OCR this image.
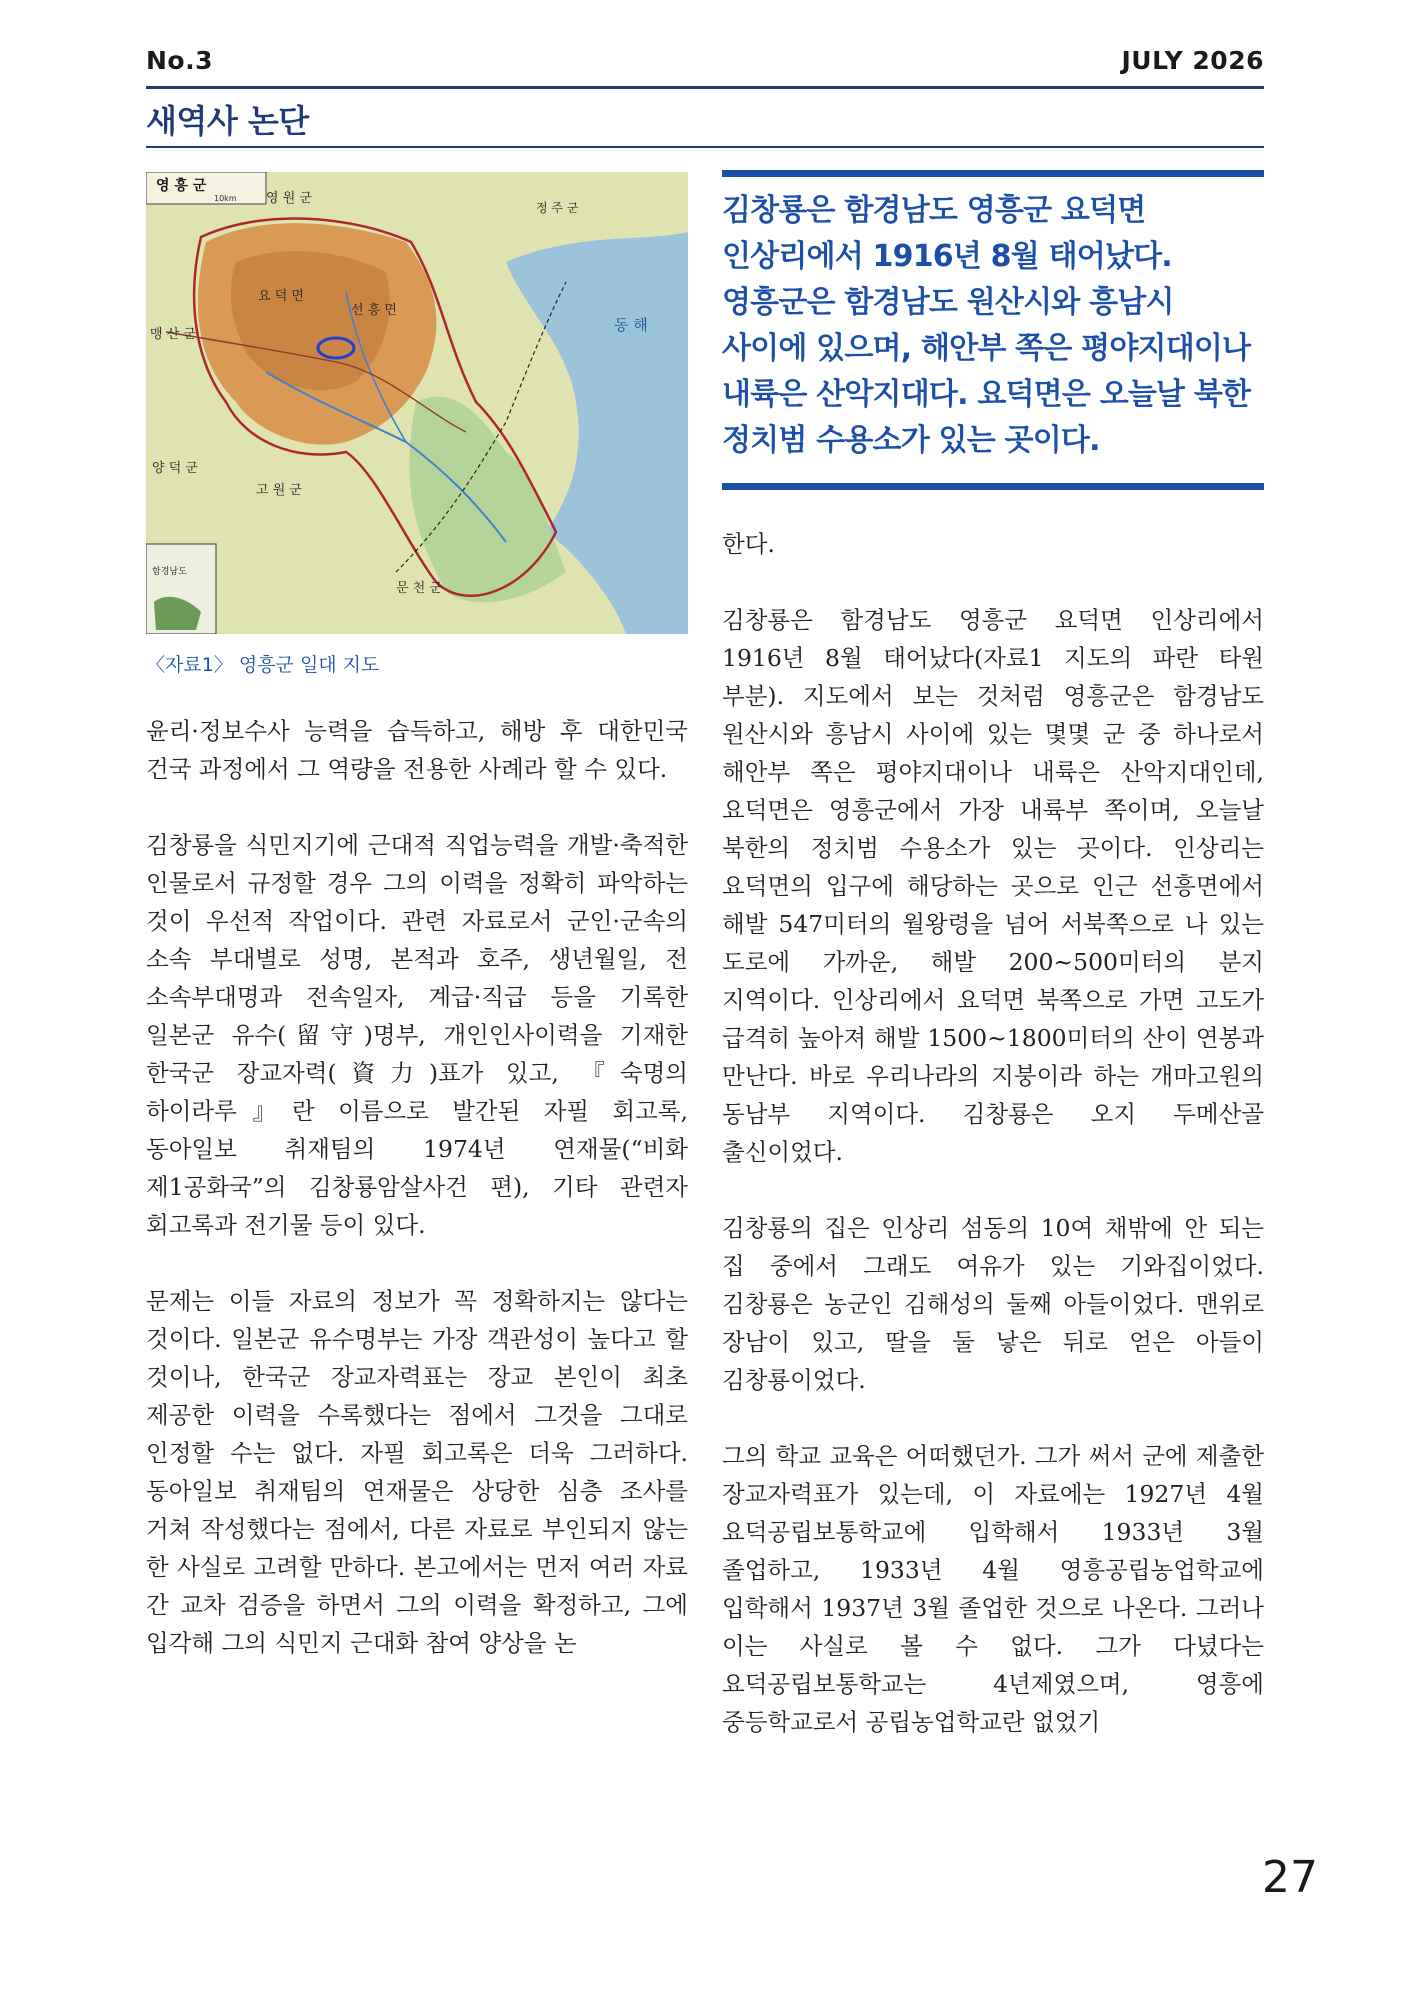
No.3	JULY 2026
새역사 논단
영 흥 군
10km 영 원 군
정 주 군
요 덕 면
선 흥 면
맹 산 군
동 해
양 덕 군
고 원 군
문 천 군
함경남도
〈자료1〉 영흥군 일대 지도

윤리·정보수사 능력을 습득하고, 해방 후 대한민국 건국 과정에서 그 역량을 전용한 사례라 할 수 있다.

김창룡을 식민지기에 근대적 직업능력을 개발·축적한 인물로서 규정할 경우 그의 이력을 정확히 파악하는 것이 우선적 작업이다. 관련 자료로서 군인·군속의 소속 부대별로 성명, 본적과 호주, 생년월일, 전 소속부대명과 전속일자, 계급·직급 등을 기록한 일본군 유수(留守)명부, 개인인사이력을 기재한 한국군 장교자력(資力)표가 있고, 『숙명의 하이라루』란 이름으로 발간된 자필 회고록, 동아일보 취재팀의 1974년 연재물(“비화 제1공화국”의 김창룡암살사건 편), 기타 관련자 회고록과 전기물 등이 있다.

문제는 이들 자료의 정보가 꼭 정확하지는 않다는 것이다. 일본군 유수명부는 가장 객관성이 높다고 할 것이나, 한국군 장교자력표는 장교 본인이 최초 제공한 이력을 수록했다는 점에서 그것을 그대로 인정할 수는 없다. 자필 회고록은 더욱 그러하다. 동아일보 취재팀의 연재물은 상당한 심층 조사를 거쳐 작성했다는 점에서, 다른 자료로 부인되지 않는 한 사실로 고려할 만하다. 본고에서는 먼저 여러 자료 간 교차 검증을 하면서 그의 이력을 확정하고, 그에 입각해 그의 식민지 근대화 참여 양상을 논

김창룡은 함경남도 영흥군 요덕면 인상리에서 1916년 8월 태어났다. 영흥군은 함경남도 원산시와 흥남시 사이에 있으며, 해안부 쪽은 평야지대이나 내륙은 산악지대다. 요덕면은 오늘날 북한 정치범 수용소가 있는 곳이다.

한다.

김창룡은 함경남도 영흥군 요덕면 인상리에서 1916년 8월 태어났다(자료1 지도의 파란 타원 부분). 지도에서 보는 것처럼 영흥군은 함경남도 원산시와 흥남시 사이에 있는 몇몇 군 중 하나로서 해안부 쪽은 평야지대이나 내륙은 산악지대인데, 요덕면은 영흥군에서 가장 내륙부 쪽이며, 오늘날 북한의 정치범 수용소가 있는 곳이다. 인상리는 요덕면의 입구에 해당하는 곳으로 인근 선흥면에서 해발 547미터의 월왕령을 넘어 서북쪽으로 나 있는 도로에 가까운, 해발 200~500미터의 분지 지역이다. 인상리에서 요덕면 북쪽으로 가면 고도가 급격히 높아져 해발 1500~1800미터의 산이 연봉과 만난다. 바로 우리나라의 지붕이라 하는 개마고원의 동남부 지역이다. 김창룡은 오지 두메산골 출신이었다.

김창룡의 집은 인상리 섬동의 10여 채밖에 안 되는 집 중에서 그래도 여유가 있는 기와집이었다. 김창룡은 농군인 김해성의 둘째 아들이었다. 맨위로 장남이 있고, 딸을 둘 낳은 뒤로 얻은 아들이 김창룡이었다.

그의 학교 교육은 어떠했던가. 그가 써서 군에 제출한 장교자력표가 있는데, 이 자료에는 1927년 4월 요덕공립보통학교에 입학해서 1933년 3월 졸업하고, 1933년 4월 영흥공립농업학교에 입학해서 1937년 3월 졸업한 것으로 나온다. 그러나 이는 사실로 볼 수 없다. 그가 다녔다는 요덕공립보통학교는 4년제였으며, 영흥에 중등학교로서 공립농업학교란 없었기

27
